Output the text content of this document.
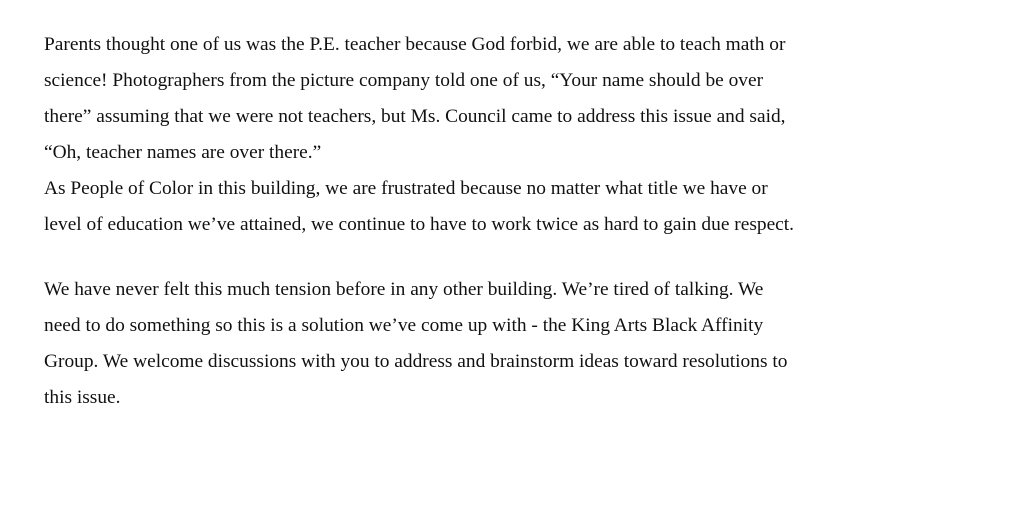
Parents thought one of us was the P.E. teacher because God forbid, we are able to teach math or
science! Photographers from the picture company told one of us, “Your name should be over
there” assuming that we were not teachers, but Ms. Council came to address this issue and said,
“Oh, teacher names are over there.”
As People of Color in this building, we are frustrated because no matter what title we have or
level of education we’ve attained, we continue to have to work twice as hard to gain due respect.
We have never felt this much tension before in any other building. We’re tired of talking. We
need to do something so this is a solution we’ve come up with - the King Arts Black Affinity
Group. We welcome discussions with you to address and brainstorm ideas toward resolutions to
this issue.
